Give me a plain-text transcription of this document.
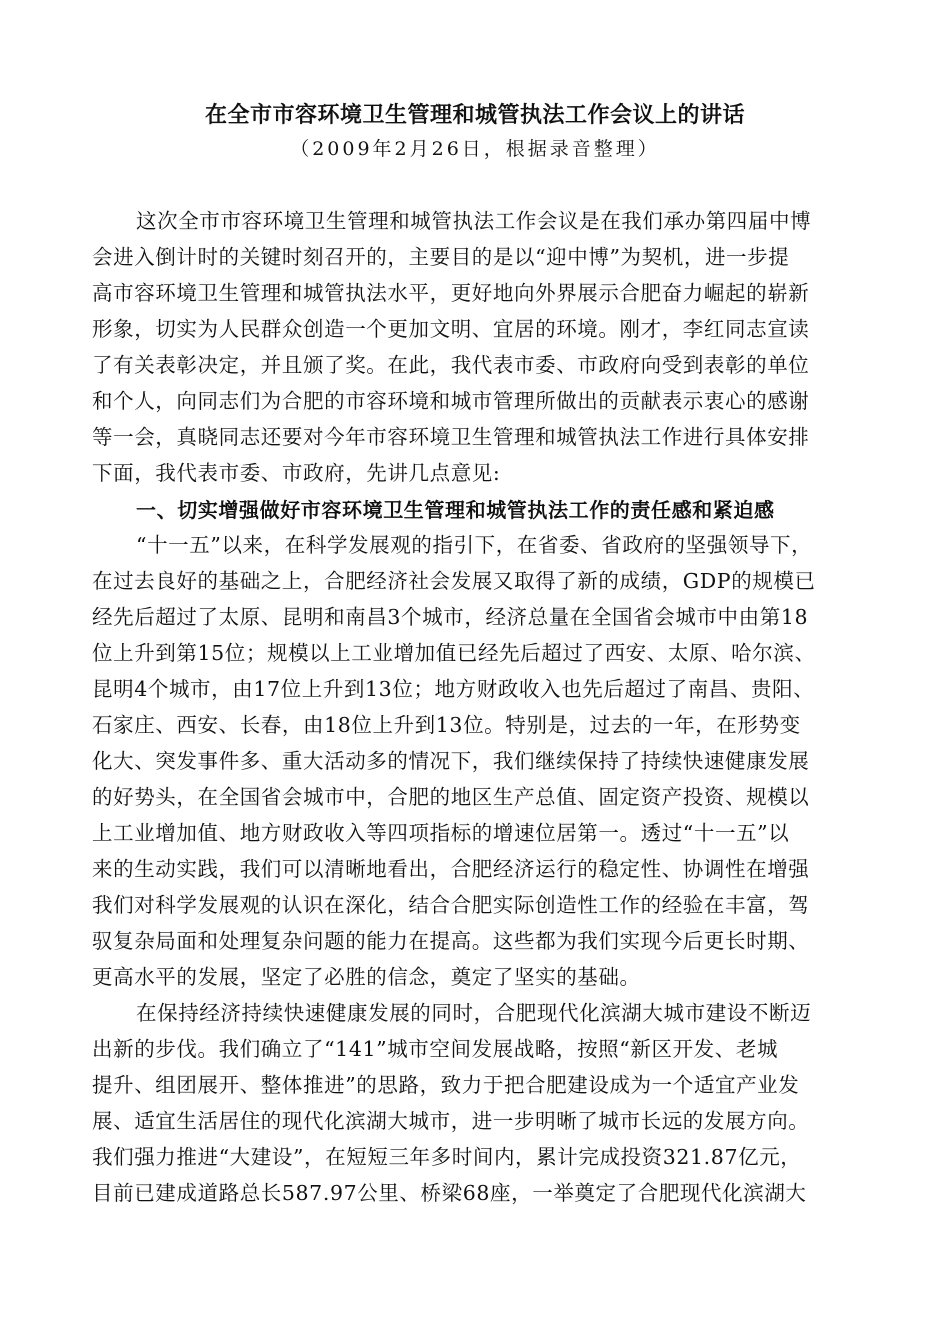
在全市市容环境卫生管理和城管执法工作会议上的讲话
（2009年2月26日，根据录音整理）
这次全市市容环境卫生管理和城管执法工作会议是在我们承办第四届中博
会进入倒计时的关键时刻召开的，主要目的是以“迎中博”为契机，进一步提
高市容环境卫生管理和城管执法水平，更好地向外界展示合肥奋力崛起的崭新
形象，切实为人民群众创造一个更加文明、宜居的环境。刚才，李红同志宣读
了有关表彰决定，并且颁了奖。在此，我代表市委、市政府向受到表彰的单位
和个人，向同志们为合肥的市容环境和城市管理所做出的贡献表示衷心的感谢
等一会，真晓同志还要对今年市容环境卫生管理和城管执法工作进行具体安排
下面，我代表市委、市政府，先讲几点意见:
一、切实增强做好市容环境卫生管理和城管执法工作的责任感和紧迫感
“十一五”以来，在科学发展观的指引下，在省委、省政府的坚强领导下，
在过去良好的基础之上，合肥经济社会发展又取得了新的成绩，GDP的规模已
经先后超过了太原、昆明和南昌3个城市，经济总量在全国省会城市中由第18
位上升到第15位；规模以上工业增加值已经先后超过了西安、太原、哈尔滨、
昆明4个城市，由17位上升到13位；地方财政收入也先后超过了南昌、贵阳、
石家庄、西安、长春，由18位上升到13位。特别是，过去的一年，在形势变
化大、突发事件多、重大活动多的情况下，我们继续保持了持续快速健康发展
的好势头，在全国省会城市中，合肥的地区生产总值、固定资产投资、规模以
上工业增加值、地方财政收入等四项指标的增速位居第一。透过“十一五”以
来的生动实践，我们可以清晰地看出，合肥经济运行的稳定性、协调性在增强
我们对科学发展观的认识在深化，结合合肥实际创造性工作的经验在丰富，驾
驭复杂局面和处理复杂问题的能力在提高。这些都为我们实现今后更长时期、
更高水平的发展，坚定了必胜的信念，奠定了坚实的基础。
在保持经济持续快速健康发展的同时，合肥现代化滨湖大城市建设不断迈
出新的步伐。我们确立了“141”城市空间发展战略，按照“新区开发、老城
提升、组团展开、整体推进”的思路，致力于把合肥建设成为一个适宜产业发
展、适宜生活居住的现代化滨湖大城市，进一步明晰了城市长远的发展方向。
我们强力推进“大建设”，在短短三年多时间内，累计完成投资321.87亿元，
目前已建成道路总长587.97公里、桥梁68座，一举奠定了合肥现代化滨湖大
